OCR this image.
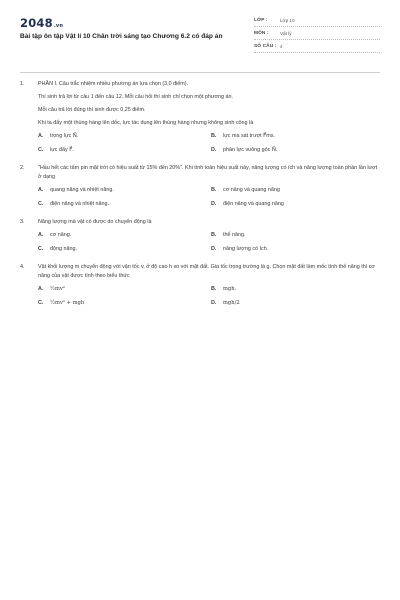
2048.vn
Bài tập ôn tập Vật lí 10 Chân trời sáng tạo Chương 6.2 có đáp án
LỚP :	Lớp 10
MÔN :	Vật lý
SỐ CÂU : 4
1.	PHẦN I. Câu trắc nhiệm nhiều phương án lựa chọn (3,0 điểm).
Thí sinh trả lời từ câu 1 đến câu 12. Mỗi câu hỏi thí sinh chỉ chọn một phương án.
Mỗi câu trả lời đúng thí sinh được 0,25 điểm.
Khi ta đẩy một thùng hàng lên dốc, lực tác dụng lên thùng hàng nhưng không sinh công là
A.	trọng lực N⃗.	B.	lực ma sát trượt F⃗ms.
C.	lực đẩy F⃗.	D.	phản lực vuông góc N⃗.
2.	"Hầu hết các tấm pin mặt trời có hiệu suất từ 15% đến 20%". Khi tính toán hiệu suất này, năng lượng có ích và năng lượng toàn phần lần lượt ở dạng
A.	quang năng và nhiệt năng.	B.	cơ năng và quang năng
C.	điện năng và nhiệt năng.	D.	điện năng và quang năng
3.	Năng lượng mà vật có được do chuyển động là
A.	cơ năng.	B.	thế năng.
C.	động năng.	D.	năng lượng có ích.
4.	Vật khối lượng m chuyển động với vận tốc v, ở độ cao h so với mặt đất. Gia tốc trọng trường là g. Chọn mặt đất làm mốc tính thế năng thì cơ năng của vật được tính theo biểu thức
A.	½mv²	B.	mgh.
C.	½mv² + mgh	D.	mgh/2
